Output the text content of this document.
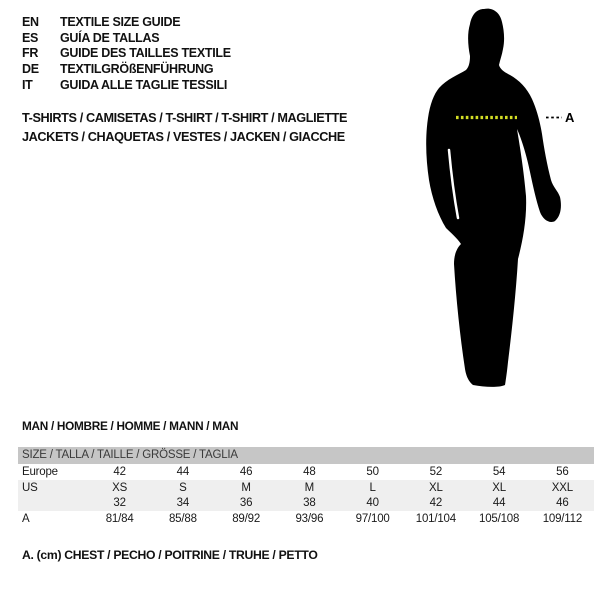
EN TEXTILE SIZE GUIDE
ES GUÍA DE TALLAS
FR GUIDE DES TAILLES TEXTILE
DE TEXTILGRÖßENFÜHRUNG
IT GUIDA ALLE TAGLIE TESSILI
T-SHIRTS / CAMISETAS / T-SHIRT / T-SHIRT / MAGLIETTE
JACKETS / CHAQUETAS / VESTES / JACKEN / GIACCHE
A
MAN / HOMBRE / HOMME / MANN / MAN
SIZE / TALLA / TAILLE / GRÖSSE / TAGLIA
Europe	42	44	46	48	50	52	54	56
US	XS	S	M	M	L	XL	XL	XXL
	32	34	36	38	40	42	44	46
A	81/84	85/88	89/92	93/96	97/100	101/104	105/108	109/112
A. (cm) CHEST / PECHO / POITRINE / TRUHE / PETTO
